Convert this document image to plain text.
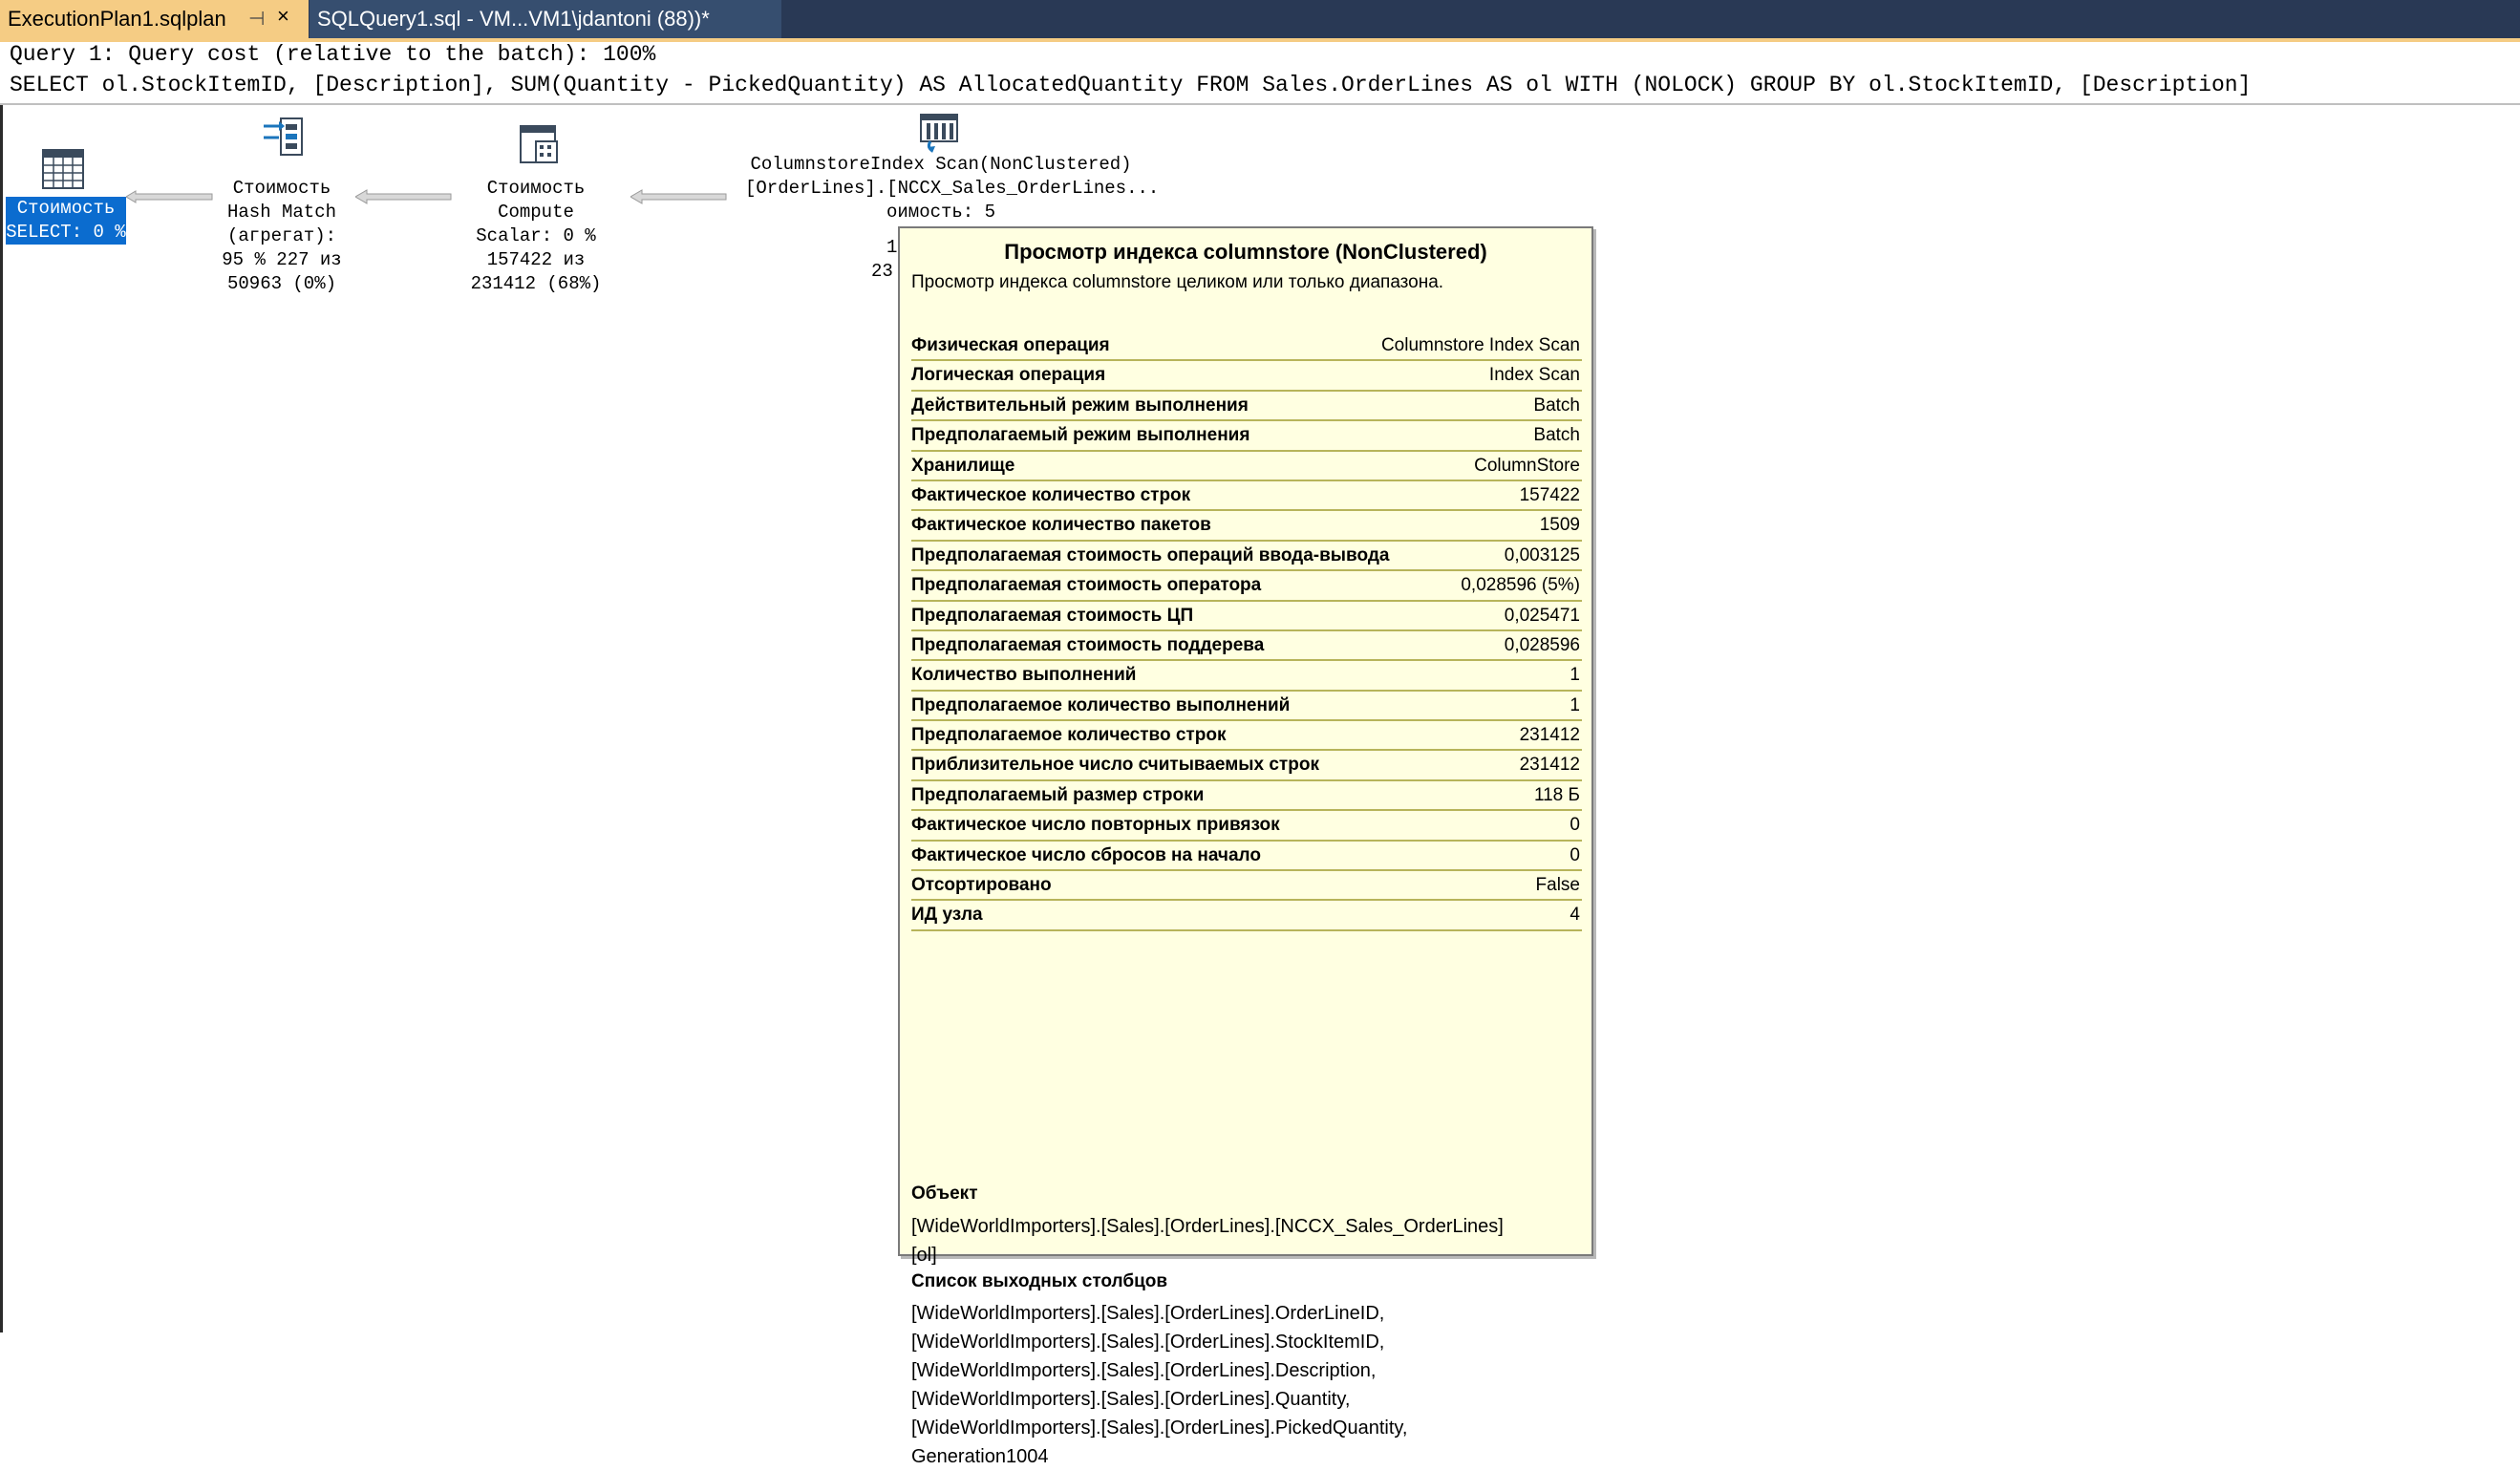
ExecutionPlan1.sqlplan ⊣ ×	SQLQuery1.sql - VM...VM1\jdantoni (88))*
Query 1: Query cost (relative to the batch): 100%
SELECT ol.StockItemID, [Description], SUM(Quantity - PickedQuantity) AS AllocatedQuantity FROM Sales.OrderLines AS ol WITH (NOLOCK) GROUP BY ol.StockItemID, [Description]
Стоимость
SELECT: 0 %
Стоимость
Hash Match
(агрегат):
95 % 227 из
50963 (0%)
Стоимость
Compute
Scalar: 0 %
157422 из
231412 (68%)
ColumnstoreIndex Scan(NonClustered)
[OrderLines].[NCCX_Sales_OrderLines...
оимость: 5
1
23
Просмотр индекса columnstore (NonClustered)
Просмотр индекса columnstore целиком или только диапазона.
Физическая операция	Columnstore Index Scan
Логическая операция	Index Scan
Действительный режим выполнения	Batch
Предполагаемый режим выполнения	Batch
Хранилище	ColumnStore
Фактическое количество строк	157422
Фактическое количество пакетов	1509
Предполагаемая стоимость операций ввода-вывода	0,003125
Предполагаемая стоимость оператора	0,028596 (5%)
Предполагаемая стоимость ЦП	0,025471
Предполагаемая стоимость поддерева	0,028596
Количество выполнений	1
Предполагаемое количество выполнений	1
Предполагаемое количество строк	231412
Приблизительное число считываемых строк	231412
Предполагаемый размер строки	118 Б
Фактическое число повторных привязок	0
Фактическое число сбросов на начало	0
Отсортировано	False
ИД узла	4
Объект
[WideWorldImporters].[Sales].[OrderLines].[NCCX_Sales_OrderLines]
[ol]
Список выходных столбцов
[WideWorldImporters].[Sales].[OrderLines].OrderLineID,
[WideWorldImporters].[Sales].[OrderLines].StockItemID,
[WideWorldImporters].[Sales].[OrderLines].Description,
[WideWorldImporters].[Sales].[OrderLines].Quantity,
[WideWorldImporters].[Sales].[OrderLines].PickedQuantity,
Generation1004
